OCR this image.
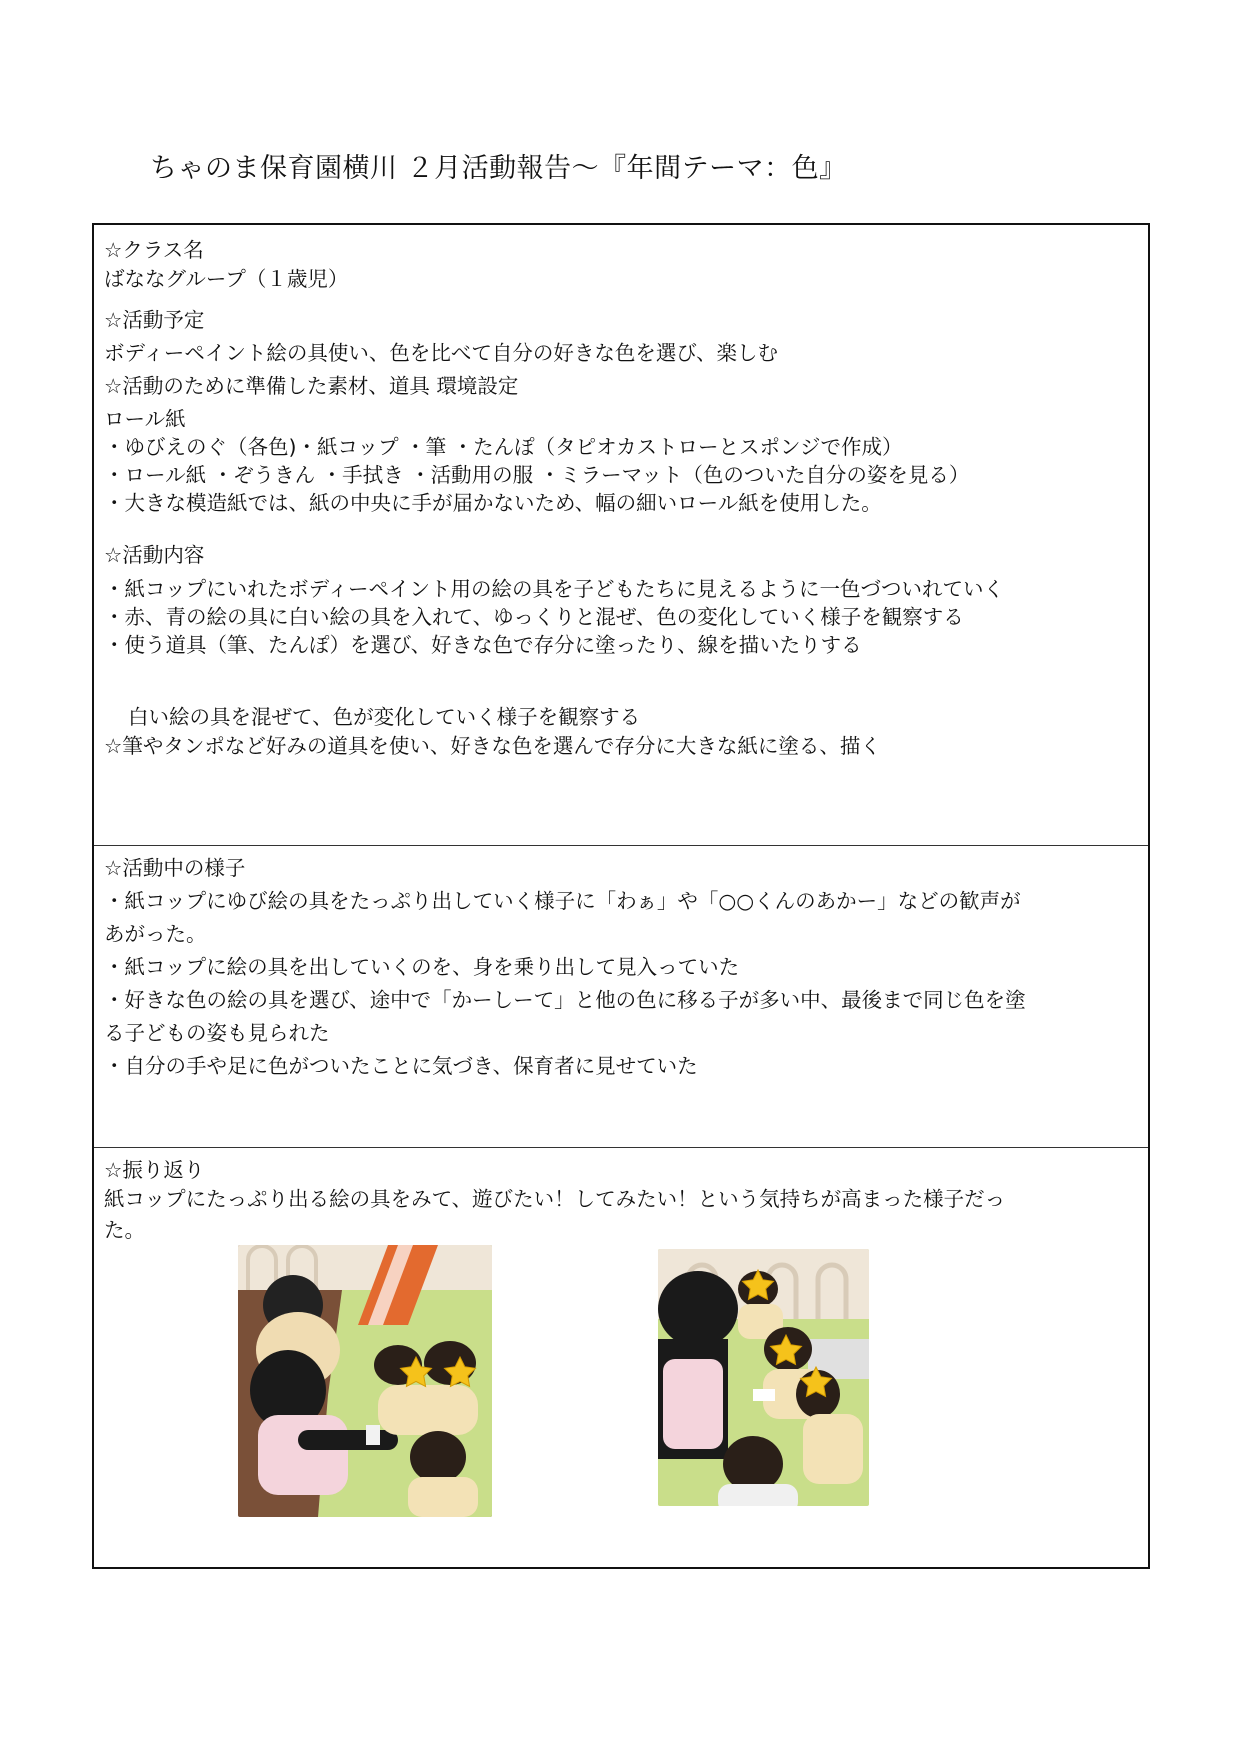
ちゃのま保育園横川 ２月活動報告〜『年間テーマ：色』
☆クラス名
ばななグループ（１歳児）
☆活動予定
ボディーペイント絵の具使い、色を比べて自分の好きな色を選び、楽しむ
☆活動のために準備した素材、道具 環境設定
ロール紙
・ゆびえのぐ（各色)・紙コップ ・筆 ・たんぽ（タピオカストローとスポンジで作成）
・ロール紙 ・ぞうきん ・手拭き ・活動用の服 ・ミラーマット（色のついた自分の姿を見る）
・大きな模造紙では、紙の中央に手が届かないため、幅の細いロール紙を使用した。
☆活動内容
・紙コップにいれたボディーペイント用の絵の具を子どもたちに見えるように一色づついれていく
・赤、青の絵の具に白い絵の具を入れて、ゆっくりと混ぜ、色の変化していく様子を観察する
・使う道具（筆、たんぽ）を選び、好きな色で存分に塗ったり、線を描いたりする
白い絵の具を混ぜて、色が変化していく様子を観察する
☆筆やタンポなど好みの道具を使い、好きな色を選んで存分に大きな紙に塗る、描く
☆活動中の様子
・紙コップにゆび絵の具をたっぷり出していく様子に「わぁ」や「○○くんのあかー」などの歓声が
あがった。
・紙コップに絵の具を出していくのを、身を乗り出して見入っていた
・好きな色の絵の具を選び、途中で「かーしーて」と他の色に移る子が多い中、最後まで同じ色を塗
る子どもの姿も見られた
・自分の手や足に色がついたことに気づき、保育者に見せていた
☆振り返り
紙コップにたっぷり出る絵の具をみて、遊びたい！してみたい！という気持ちが高まった様子だっ
た。
